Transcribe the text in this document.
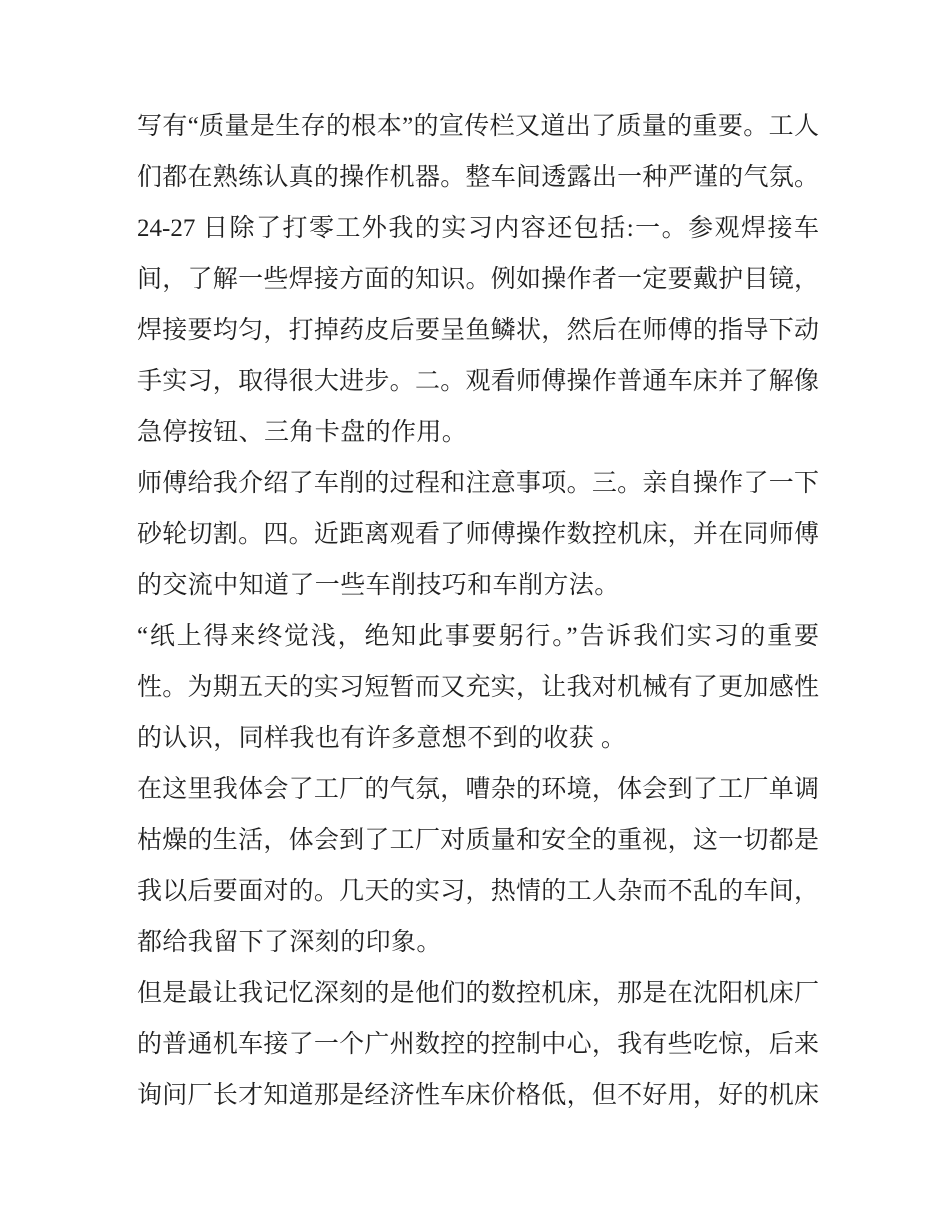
写有“质量是生存的根本”的宣传栏又道出了质量的重要。工人
们都在熟练认真的操作机器。整车间透露出一种严谨的气氛。
24-27 日除了打零工外我的实习内容还包括:一。参观焊接车
间，了解一些焊接方面的知识。例如操作者一定要戴护目镜，
焊接要均匀，打掉药皮后要呈鱼鳞状，然后在师傅的指导下动
手实习，取得很大进步。二。观看师傅操作普通车床并了解像
急停按钮、三角卡盘的作用。
师傅给我介绍了车削的过程和注意事项。三。亲自操作了一下
砂轮切割。四。近距离观看了师傅操作数控机床，并在同师傅
的交流中知道了一些车削技巧和车削方法。
“纸上得来终觉浅，绝知此事要躬行。”告诉我们实习的重要
性。为期五天的实习短暂而又充实，让我对机械有了更加感性
的认识，同样我也有许多意想不到的收获 。
在这里我体会了工厂的气氛，嘈杂的环境，体会到了工厂单调
枯燥的生活，体会到了工厂对质量和安全的重视，这一切都是
我以后要面对的。几天的实习，热情的工人杂而不乱的车间，
都给我留下了深刻的印象。
但是最让我记忆深刻的是他们的数控机床，那是在沈阳机床厂
的普通机车接了一个广州数控的控制中心，我有些吃惊，后来
询问厂长才知道那是经济性车床价格低，但不好用，好的机床
